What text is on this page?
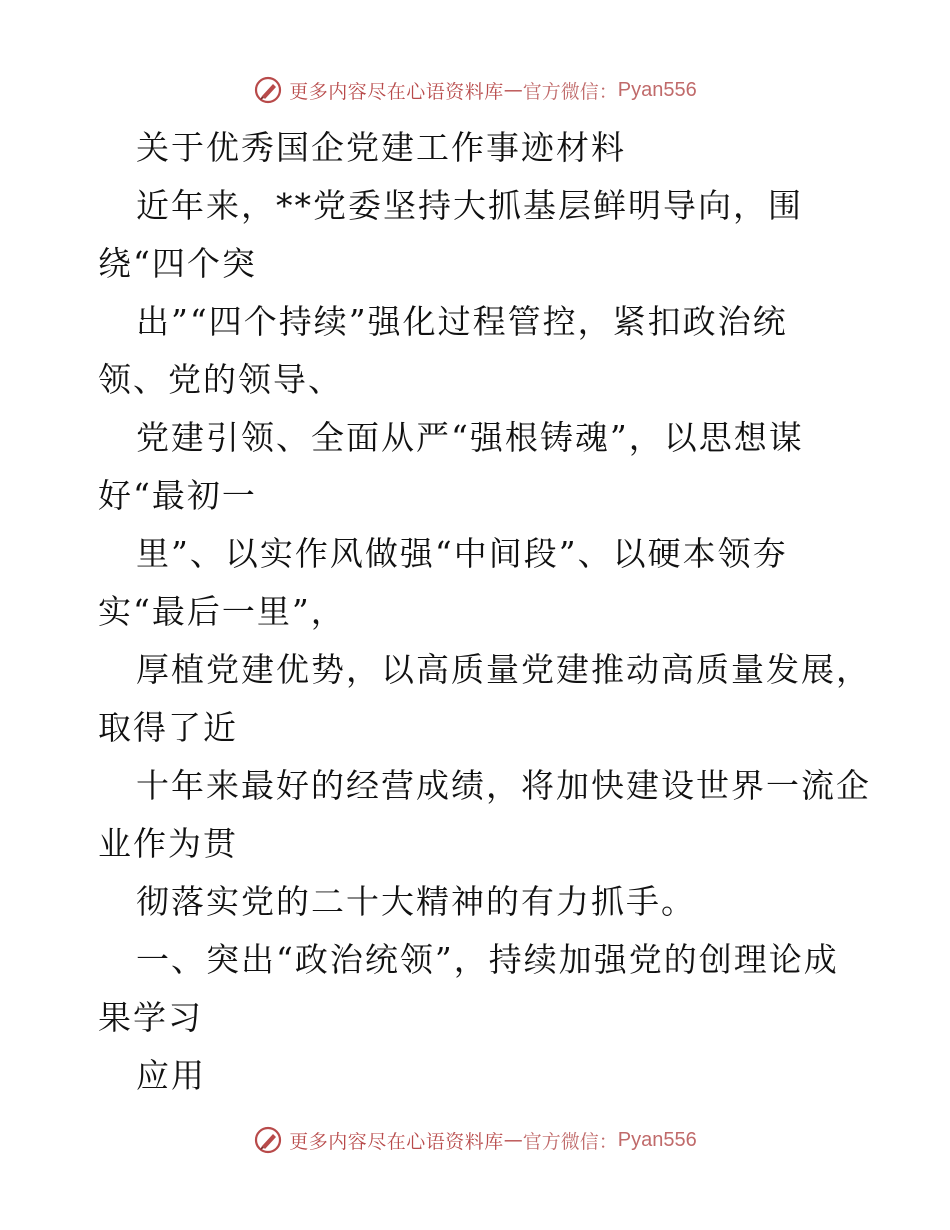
更多内容尽在心语资料库 — 官方微信： Pyan556
关于优秀国企党建工作事迹材料
近年来，**党委坚持大抓基层鲜明导向，围
绕“四个突
出”“四个持续”强化过程管控，紧扣政治统
领、党的领导、
党建引领、全面从严“强根铸魂”，以思想谋
好“最初一
里”、以实作风做强“中间段”、以硬本领夯
实“最后一里”，
厚植党建优势，以高质量党建推动高质量发展，
取得了近
十年来最好的经营成绩，将加快建设世界一流企
业作为贯
彻落实党的二十大精神的有力抓手。
一、突出“政治统领”，持续加强党的创理论成
果学习
应用
更多内容尽在心语资料库 — 官方微信： Pyan556
